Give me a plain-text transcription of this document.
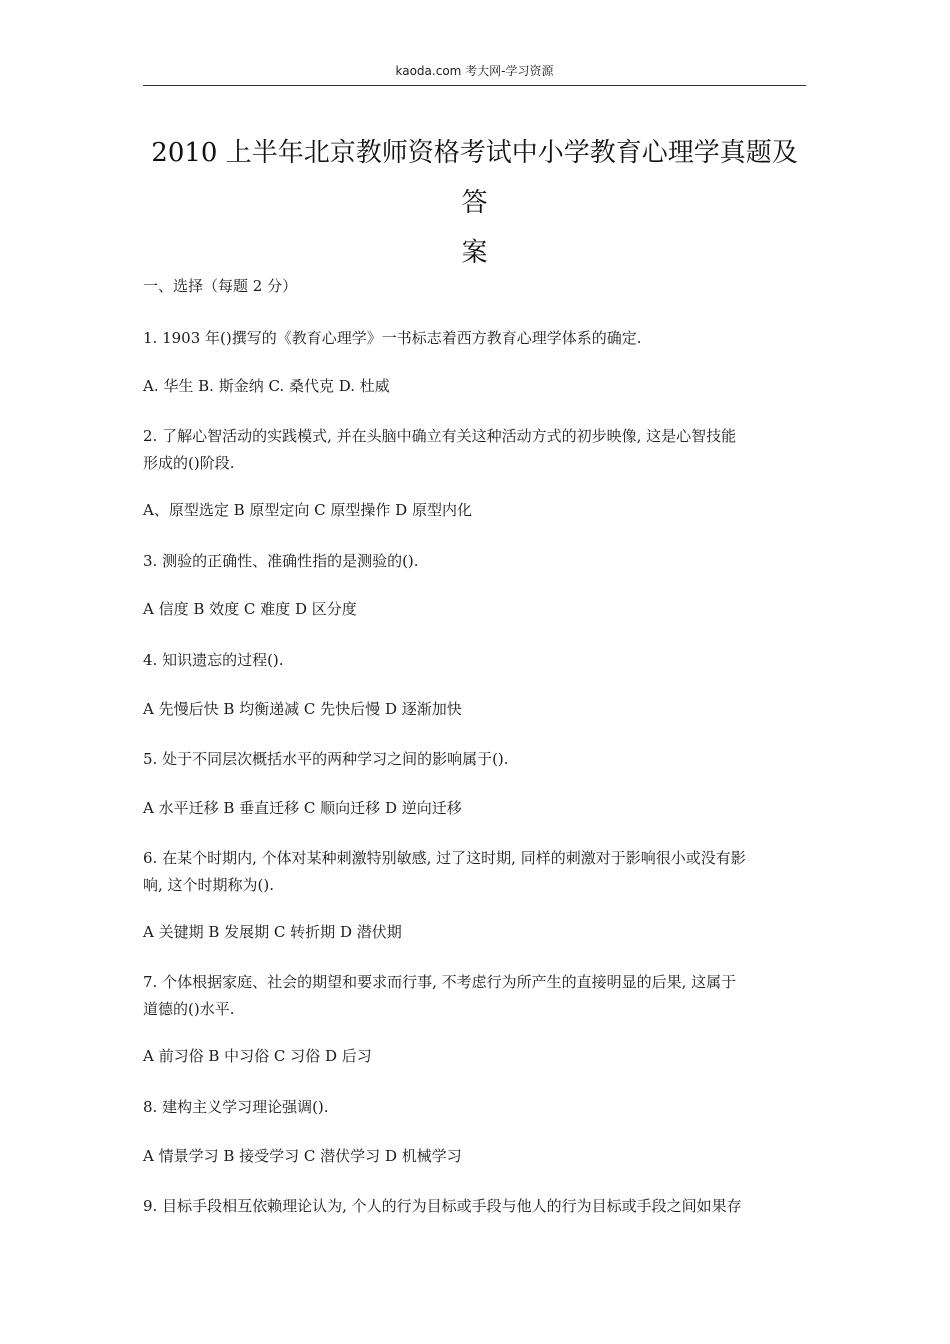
kaoda.com 考大网-学习资源
2010 上半年北京教师资格考试中小学教育心理学真题及答
案
一、选择（每题 2 分）
1. 1903 年()撰写的《教育心理学》一书标志着西方教育心理学体系的确定.
A. 华生 B. 斯金纳 C. 桑代克 D. 杜威
2. 了解心智活动的实践模式, 并在头脑中确立有关这种活动方式的初步映像, 这是心智技能
形成的()阶段.
A、原型选定 B 原型定向 C 原型操作 D 原型内化
3. 测验的正确性、准确性指的是测验的().
A 信度 B 效度 C 难度 D 区分度
4. 知识遗忘的过程().
A 先慢后快 B 均衡递减 C 先快后慢 D 逐渐加快
5. 处于不同层次概括水平的两种学习之间的影响属于().
A 水平迁移 B 垂直迁移 C 顺向迁移 D 逆向迁移
6. 在某个时期内, 个体对某种刺激特别敏感, 过了这时期, 同样的刺激对于影响很小或没有影
响, 这个时期称为().
A 关键期 B 发展期 C 转折期 D 潜伏期
7. 个体根据家庭、社会的期望和要求而行事, 不考虑行为所产生的直接明显的后果, 这属于
道德的()水平.
A 前习俗 B 中习俗 C 习俗 D 后习
8. 建构主义学习理论强调().
A 情景学习 B 接受学习 C 潜伏学习 D 机械学习
9. 目标手段相互依赖理论认为, 个人的行为目标或手段与他人的行为目标或手段之间如果存
